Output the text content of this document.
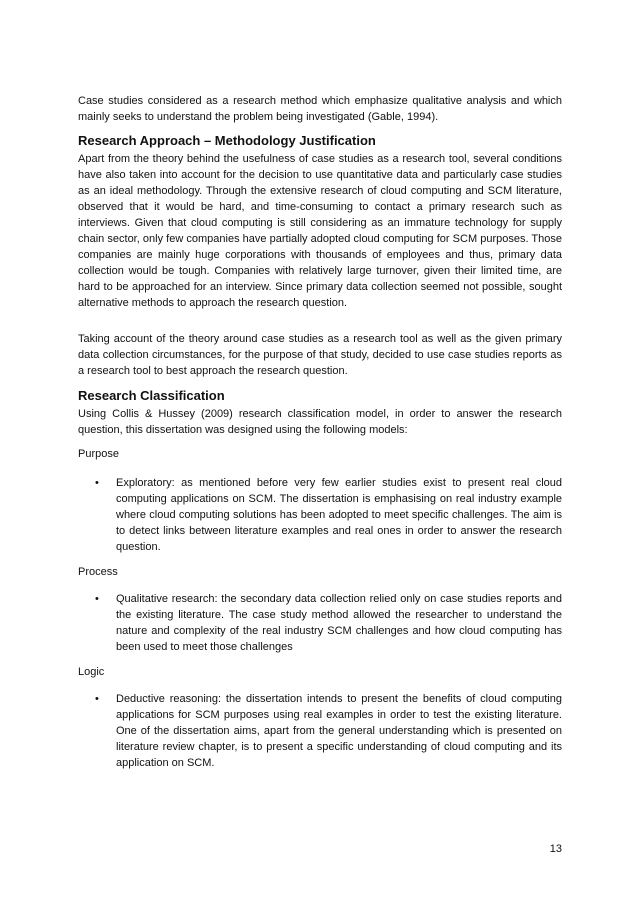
Case studies considered as a research method which emphasize qualitative analysis and which mainly seeks to understand the problem being investigated (Gable, 1994).

Research Approach – Methodology Justification

Apart from the theory behind the usefulness of case studies as a research tool, several conditions have also taken into account for the decision to use quantitative data and particularly case studies as an ideal methodology. Through the extensive research of cloud computing and SCM literature, observed that it would be hard, and time-consuming to contact a primary research such as interviews. Given that cloud computing is still considering as an immature technology for supply chain sector, only few companies have partially adopted cloud computing for SCM purposes. Those companies are mainly huge corporations with thousands of employees and thus, primary data collection would be tough. Companies with relatively large turnover, given their limited time, are hard to be approached for an interview. Since primary data collection seemed not possible, sought alternative methods to approach the research question.

Taking account of the theory around case studies as a research tool as well as the given primary data collection circumstances, for the purpose of that study, decided to use case studies reports as a research tool to best approach the research question.

Research Classification

Using Collis & Hussey (2009) research classification model, in order to answer the research question, this dissertation was designed using the following models:

Purpose

• Exploratory: as mentioned before very few earlier studies exist to present real cloud computing applications on SCM. The dissertation is emphasising on real industry example where cloud computing solutions has been adopted to meet specific challenges. The aim is to detect links between literature examples and real ones in order to answer the research question.

Process

• Qualitative research: the secondary data collection relied only on case studies reports and the existing literature. The case study method allowed the researcher to understand the nature and complexity of the real industry SCM challenges and how cloud computing has been used to meet those challenges

Logic

• Deductive reasoning: the dissertation intends to present the benefits of cloud computing applications for SCM purposes using real examples in order to test the existing literature. One of the dissertation aims, apart from the general understanding which is presented on literature review chapter, is to present a specific understanding of cloud computing and its application on SCM.
13
